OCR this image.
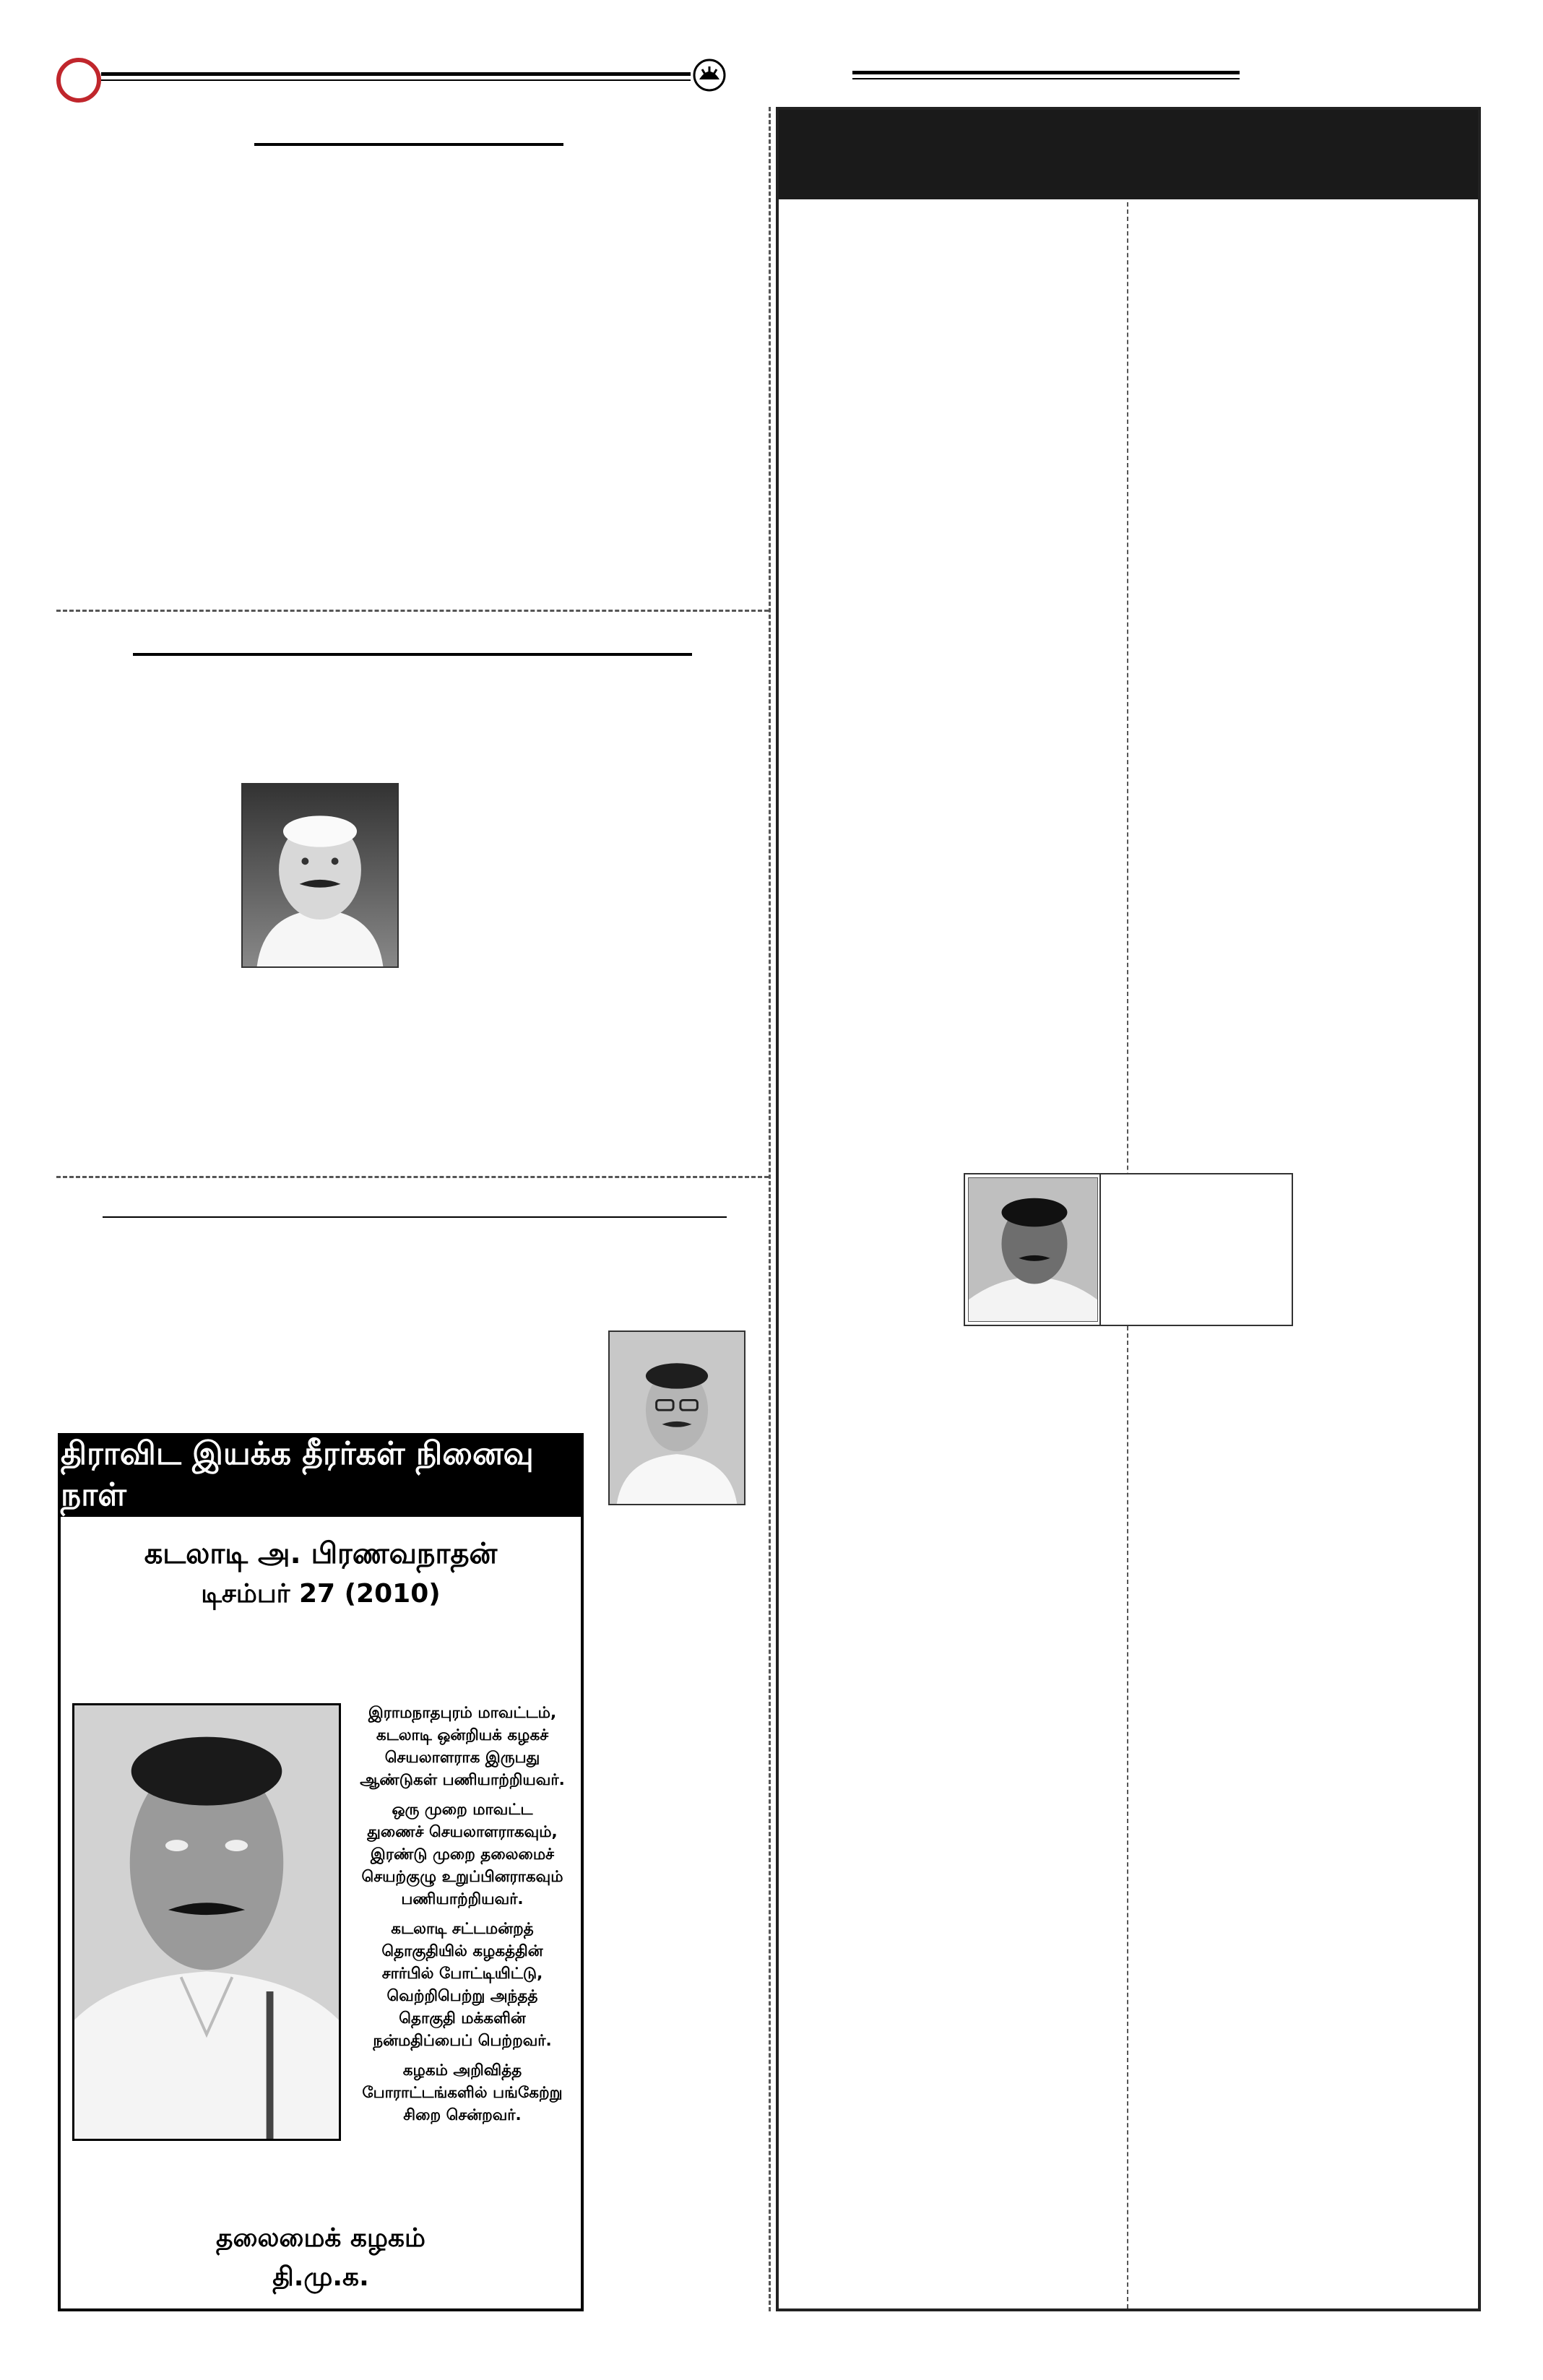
திராவிட இயக்க தீரர்கள் நினைவு நாள்
கடலாடி அ. பிரணவநாதன்
டிசம்பர் 27 (2010)

இராமநாதபுரம் மாவட்டம்,
கடலாடி ஒன்றியக் கழகச்
செயலாளராக இருபது
ஆண்டுகள் பணியாற்றியவர்.

ஒரு முறை மாவட்ட
துணைச் செயலாளராகவும்,
இரண்டு முறை தலைமைச்
செயற்குழு உறுப்பினராகவும்
பணியாற்றியவர்.

கடலாடி சட்டமன்றத்
தொகுதியில் கழகத்தின்
சார்பில் போட்டியிட்டு,
வெற்றிபெற்று அந்தத்
தொகுதி மக்களின்
நன்மதிப்பைப் பெற்றவர்.

கழகம் அறிவித்த
போராட்டங்களில் பங்கேற்று
சிறை சென்றவர்.

தலைமைக் கழகம்
தி.மு.க.
